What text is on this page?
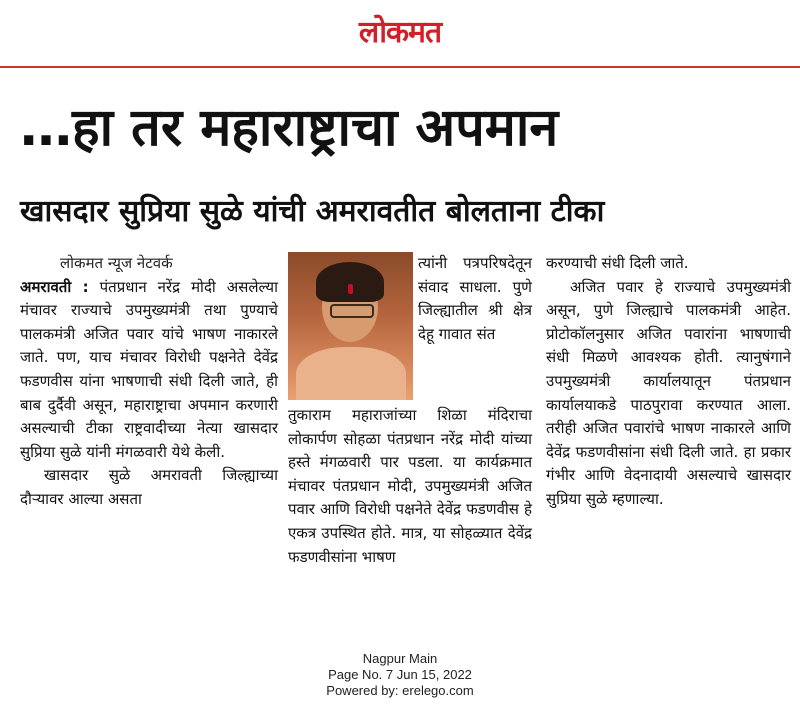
लोकमत
…हा तर महाराष्ट्राचा अपमान
खासदार सुप्रिया सुळे यांची अमरावतीत बोलताना टीका

लोकमत न्यूज नेटवर्क

अमरावती : पंतप्रधान नरेंद्र मोदी असलेल्या मंचावर राज्याचे उपमुख्यमंत्री तथा पुण्याचे पालकमंत्री अजित पवार यांचे भाषण नाकारले जाते. पण, याच मंचावर विरोधी पक्षनेते देवेंद्र फडणवीस यांना भाषणाची संधी दिली जाते, ही बाब दुर्दैवी असून, महाराष्ट्राचा अपमान करणारी असल्याची टीका राष्ट्रवादीच्या नेत्या खासदार सुप्रिया सुळे यांनी मंगळवारी येथे केली.

खासदार सुळे अमरावती जिल्ह्याच्या दौऱ्यावर आल्या असता

त्यांनी पत्रपरिषदेतून संवाद साधला. पुणे जिल्ह्यातील श्री क्षेत्र देहू गावात संत

तुकाराम महाराजांच्या शिळा मंदिराचा लोकार्पण सोहळा पंतप्रधान नरेंद्र मोदी यांच्या हस्ते मंगळवारी पार पडला. या कार्यक्रमात मंचावर पंतप्रधान मोदी, उपमुख्यमंत्री अजित पवार आणि विरोधी पक्षनेते देवेंद्र फडणवीस हे एकत्र उपस्थित होते. मात्र, या सोहळ्यात देवेंद्र फडणवीसांना भाषण

करण्याची संधी दिली जाते.

अजित पवार हे राज्याचे उपमुख्यमंत्री असून, पुणे जिल्ह्याचे पालकमंत्री आहेत. प्रोटोकॉलनुसार अजित पवारांना भाषणाची संधी मिळणे आवश्यक होती. त्यानुषंगाने उपमुख्यमंत्री कार्यालयातून पंतप्रधान कार्यालयाकडे पाठपुरावा करण्यात आला. तरीही अजित पवारांचे भाषण नाकारले आणि देवेंद्र फडणवीसांना संधी दिली जाते. हा प्रकार गंभीर आणि वेदनादायी असल्याचे खासदार सुप्रिया सुळे म्हणाल्या.

Nagpur Main
Page No. 7 Jun 15, 2022
Powered by: erelego.com
